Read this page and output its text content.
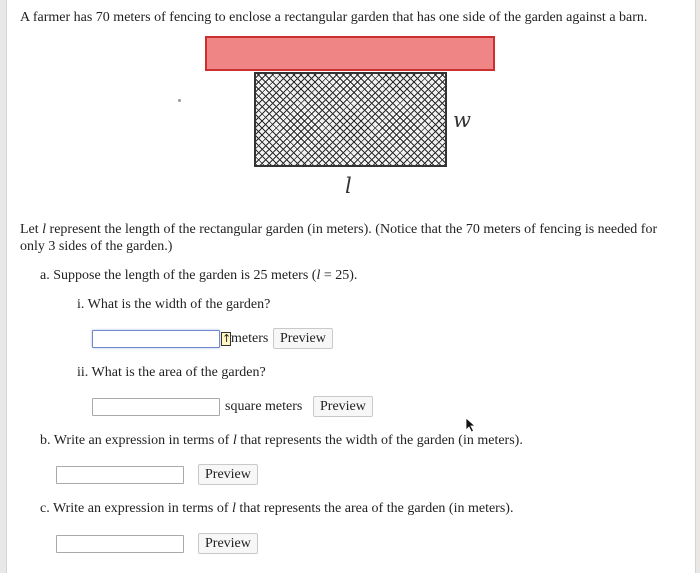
A farmer has 70 meters of fencing to enclose a rectangular garden that has one side of the garden against a barn.
w
l
Let l represent the length of the rectangular garden (in meters). (Notice that the 70 meters of fencing is needed for only 3 sides of the garden.)
a. Suppose the length of the garden is 25 meters (l = 25).
i. What is the width of the garden?
↑ meters Preview
ii. What is the area of the garden?
square meters	Preview
b. Write an expression in terms of l that represents the width of the garden (in meters).
Preview
c. Write an expression in terms of l that represents the area of the garden (in meters).
Preview
